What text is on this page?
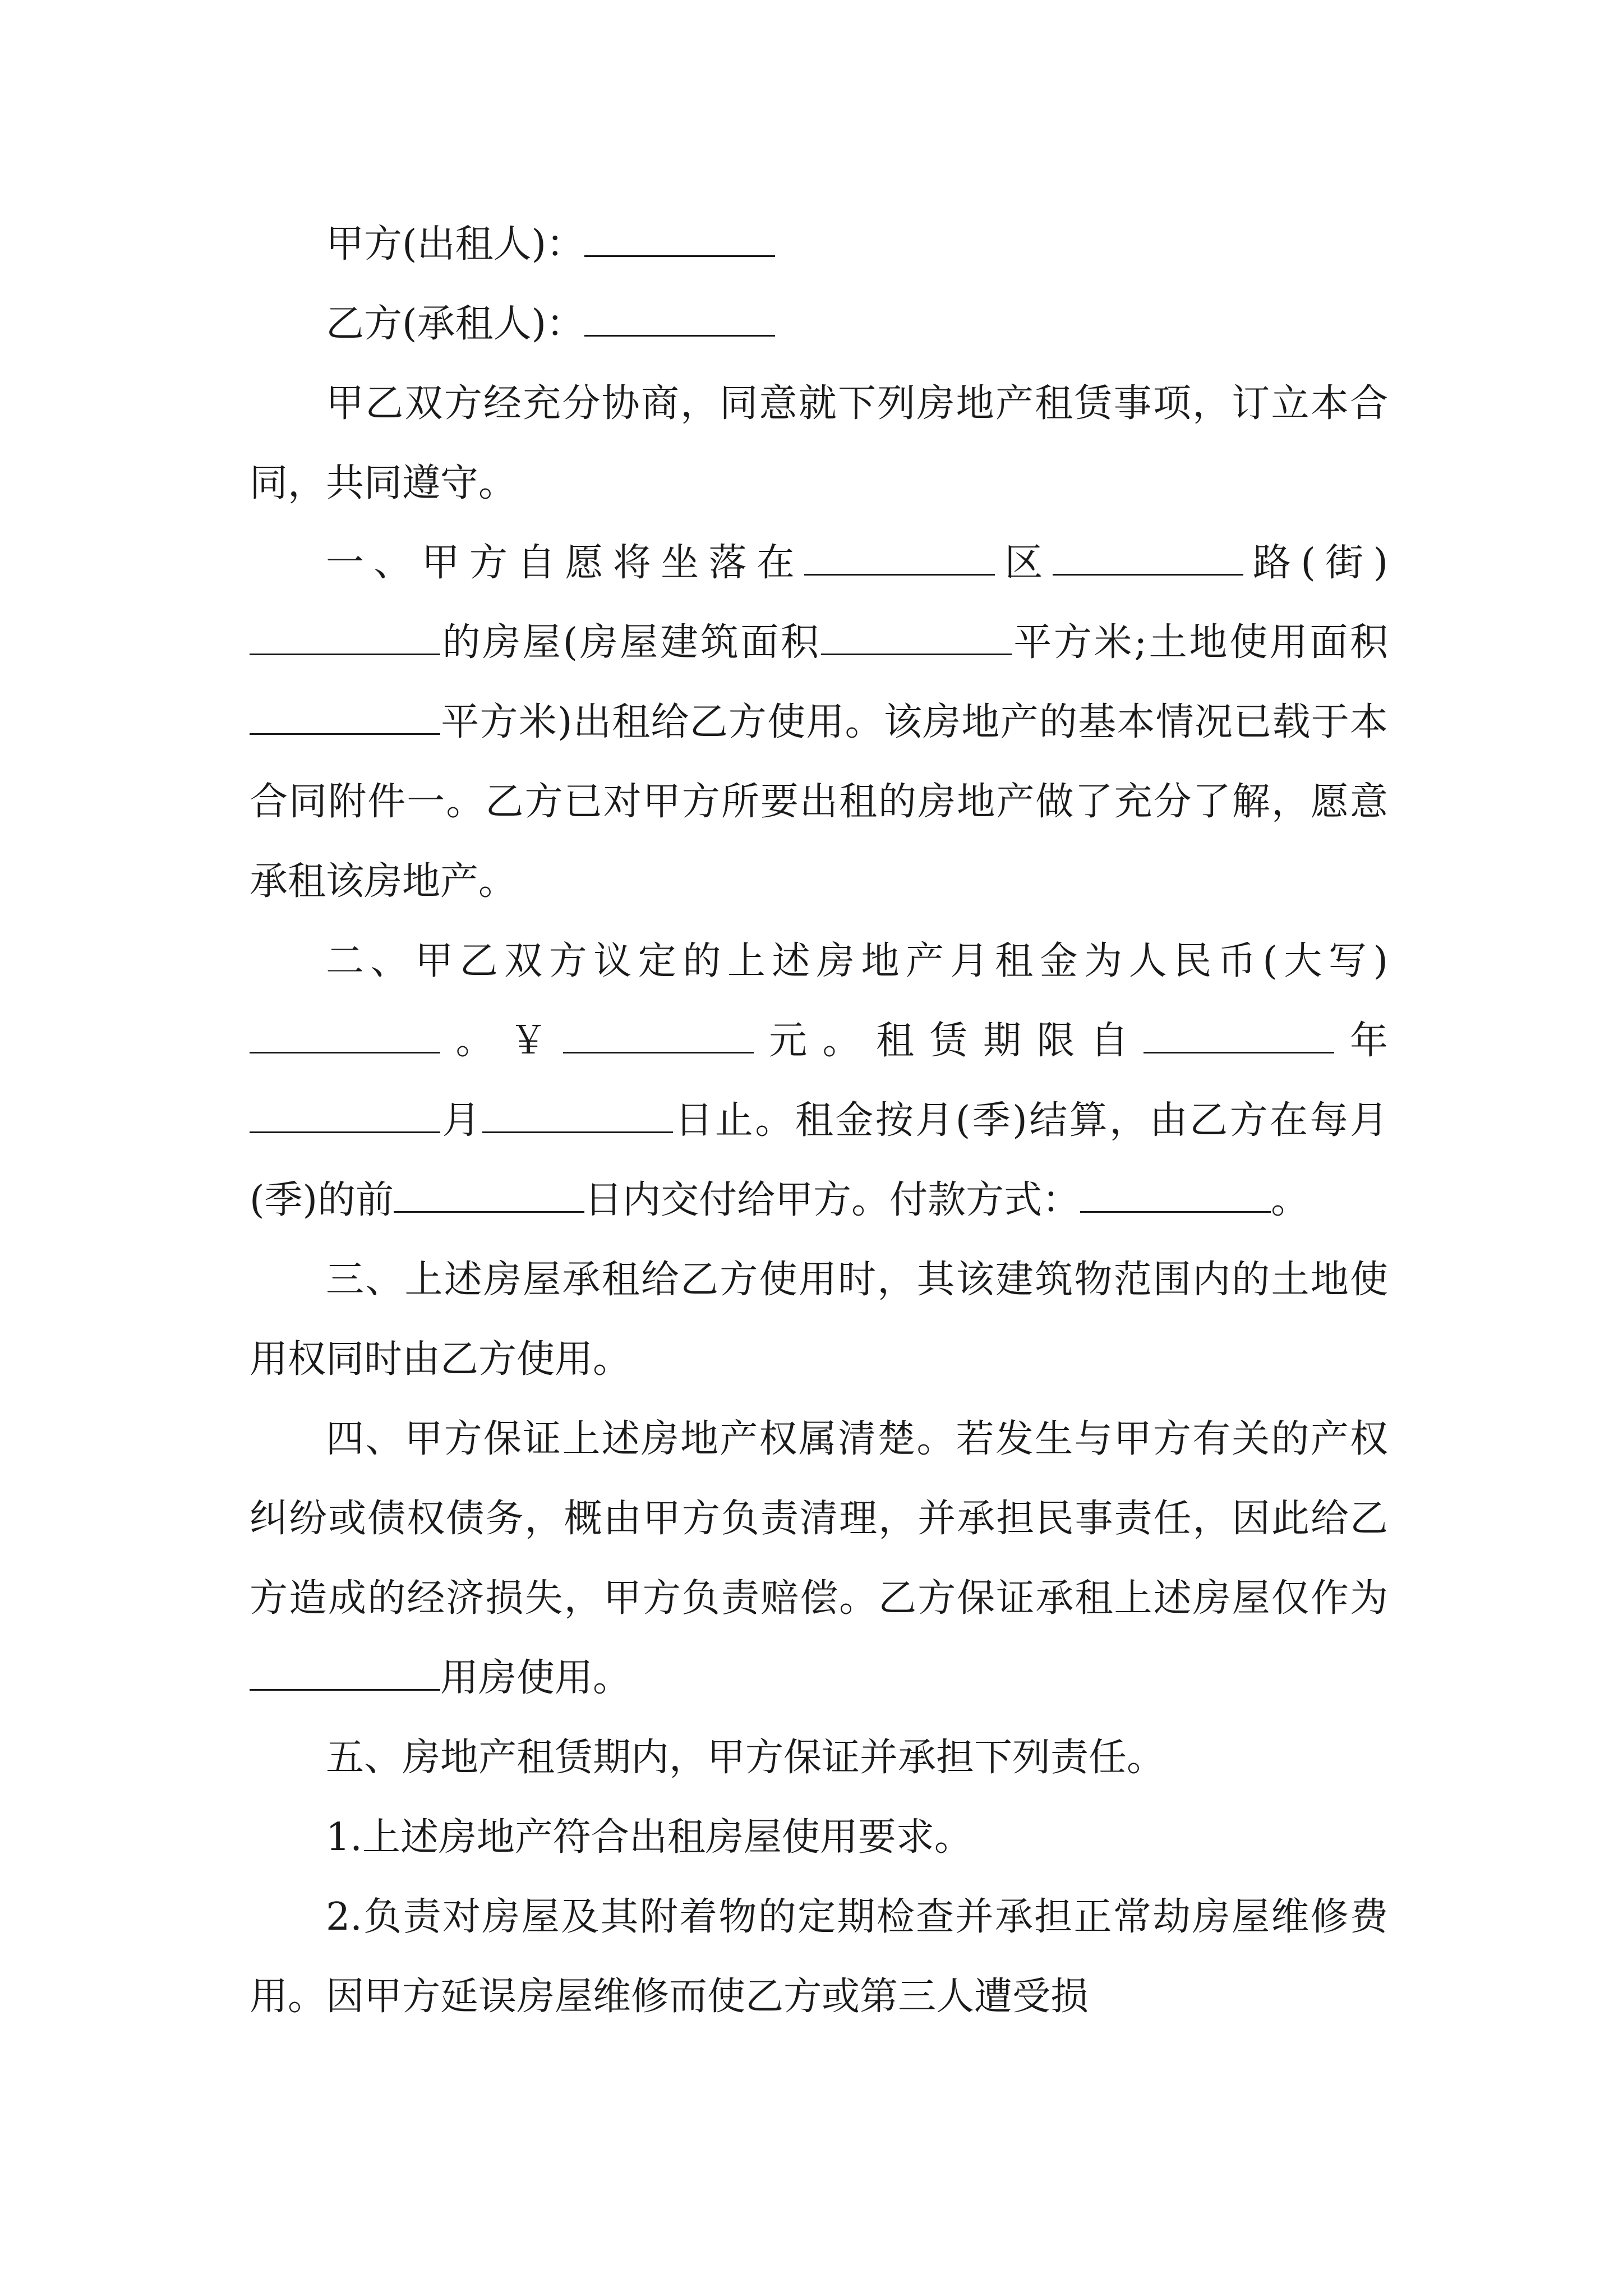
甲方(出租人)：

乙方(承租人)：

甲乙双方经充分协商，同意就下列房地产租赁事项，订立本合同，共同遵守。

一、甲方自愿将坐落在	区	路(街)的房屋(房屋建筑面积	平方米;土地使用面积平方米)出租给乙方使用。该房地产的基本情况已载于本合同附件一。乙方已对甲方所要出租的房地产做了充分了解，愿意承租该房地产。

二、甲乙双方议定的上述房地产月租金为人民币(大写)。￥	元。租赁期限自	年月	日止。租金按月(季)结算，由乙方在每月(季)的前	日内交付给甲方。付款方式：	。

三、上述房屋承租给乙方使用时，其该建筑物范围内的土地使用权同时由乙方使用。

四、甲方保证上述房地产权属清楚。若发生与甲方有关的产权纠纷或债权债务，概由甲方负责清理，并承担民事责任，因此给乙方造成的经济损失，甲方负责赔偿。乙方保证承租上述房屋仅作为用房使用。

五、房地产租赁期内，甲方保证并承担下列责任。

1.上述房地产符合出租房屋使用要求。

2.负责对房屋及其附着物的定期检查并承担正常劫房屋维修费用。因甲方延误房屋维修而使乙方或第三人遭受损
